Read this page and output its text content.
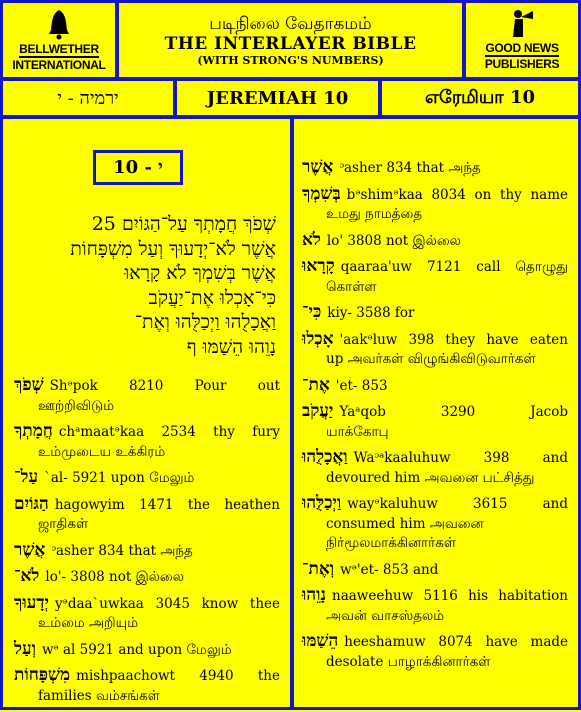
BELLWETHER
INTERNATIONAL
படிநிலை வேதாகமம்
THE INTERLAYER BIBLE
(WITH STRONG'S NUMBERS)
GOOD NEWS
PUBLISHERS
ירמיה - י	JEREMIAH 10	எரேமியா 10
י - 10
25 שְׁפֹךְ חֲמָתְךָ עַל־הַגּוֹיִם
אֲשֶׁר לֹא־יְדָעוּךָ וְעַל מִשְׁפָּחוֹת
אֲשֶׁר בְּשִׁמְךָ לֹא קָרָאוּ
כִּי־אָכְלוּ אֶת־יַעֲקֹב
וַאֲכָלֻהוּ וַיְכַלֻּהוּ וְאֶת־
נָוֵהוּ הֵשַׁמּוּ ף
שְׁפֹךְ Shᵊpok 8210 Pour out
ஊற்றிவிடும்
חֲמָתְךָ chᵃmaatᵊkaa 2534 thy fury
உம்முடைய உக்கிரம்
עַל־ `al- 5921 upon மேலும்
הַגּוֹיִם hagowyim 1471 the heathen
ஜாதிகள்
אֲשֶׁר ᵓasher 834 that அந்த
לֹא־ lo'- 3808 not இல்லை
יְדָעוּךָ yᵊdaa`uwkaa 3045 know thee
உம்மை அறியும்
וְעַל wᵊ al 5921 and upon மேலும்
מִשְׁפָּחוֹת mishpaachowt 4940 the
families வம்சங்கள்
אֲשֶׁר ᵓasher 834 that அந்த
בְּשִׁמְךָ bᵊshimᵊkaa 8034 on thy name
உமது நாமத்தை
לֹא lo' 3808 not இல்லை
קָרָאוּ qaaraa'uw 7121 call தொழுது
கொள்ள
כִּי־ kiy- 3588 for
אָכְלוּ 'aakᵊluw 398 they have eaten
up அவர்கள் விழுங்கிவிடுவார்கள்
אֶת־ 'et- 853
יַעֲקֹב Yaᵃqob 3290 Jacob
யாக்கோபு
וַאֲכָלֻהוּ Waᵓᵃkaaluhuw 398 and
devoured him அவனை பட்சித்து
וַיְכַלֻּהוּ wayᵊkaluhuw 3615 and
consumed him அவனை நிர்மூலமாக்கினார்கள்
וְאֶת־ wᵊ'et- 853 and
נָוֵהוּ naaweehuw 5116 his habitation
அவன் வாசஸ்தலம்
הֵשַׁמּוּ heeshamuw 8074 have made
desolate பாழாக்கினார்கள்
